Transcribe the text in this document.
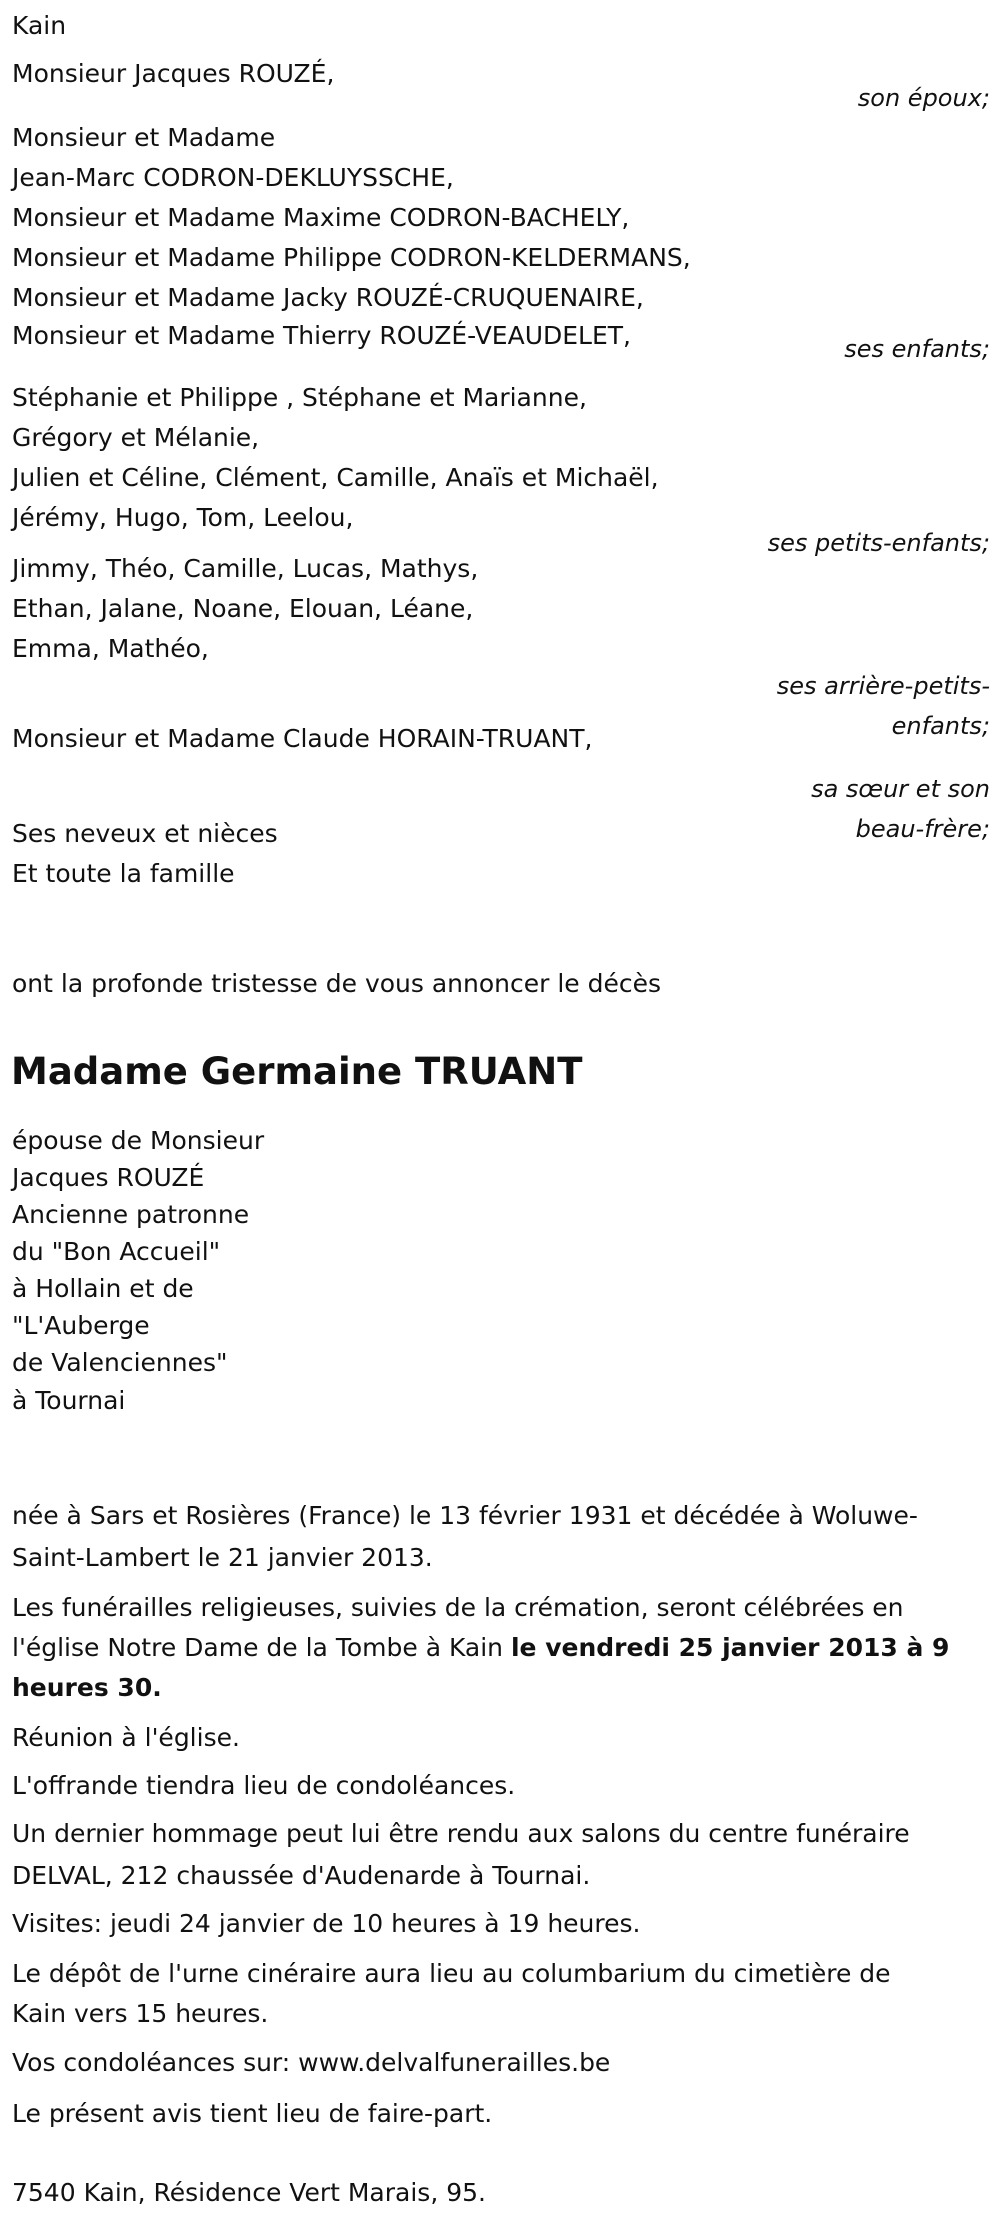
Kain
Monsieur Jacques ROUZÉ,
son époux;
Monsieur et Madame
Jean-Marc CODRON-DEKLUYSSCHE,
Monsieur et Madame Maxime CODRON-BACHELY,
Monsieur et Madame Philippe CODRON-KELDERMANS,
Monsieur et Madame Jacky ROUZÉ-CRUQUENAIRE,
Monsieur et Madame Thierry ROUZÉ-VEAUDELET,	ses enfants;
Stéphanie et Philippe , Stéphane et Marianne,
Grégory et Mélanie,
Julien et Céline, Clément, Camille, Anaïs et Michaël,
Jérémy, Hugo, Tom, Leelou,
ses petits-enfants;
Jimmy, Théo, Camille, Lucas, Mathys,
Ethan, Jalane, Noane, Elouan, Léane,
Emma, Mathéo,
ses arrière-petits-
enfants;
Monsieur et Madame Claude HORAIN-TRUANT,
sa sœur et son
beau-frère;
Ses neveux et nièces
Et toute la famille
ont la profonde tristesse de vous annoncer le décès
Madame Germaine TRUANT
épouse de Monsieur
Jacques ROUZÉ
Ancienne patronne
du "Bon Accueil"
à Hollain et de
"L'Auberge
de Valenciennes"
à Tournai
née à Sars et Rosières (France) le 13 février 1931 et décédée à Woluwe-
Saint-Lambert le 21 janvier 2013.
Les funérailles religieuses, suivies de la crémation, seront célébrées en
l'église Notre Dame de la Tombe à Kain le vendredi 25 janvier 2013 à 9
heures 30.
Réunion à l'église.
L'offrande tiendra lieu de condoléances.
Un dernier hommage peut lui être rendu aux salons du centre funéraire
DELVAL, 212 chaussée d'Audenarde à Tournai.
Visites: jeudi 24 janvier de 10 heures à 19 heures.
Le dépôt de l'urne cinéraire aura lieu au columbarium du cimetière de
Kain vers 15 heures.
Vos condoléances sur: www.delvalfunerailles.be
Le présent avis tient lieu de faire-part.
7540 Kain, Résidence Vert Marais, 95.
